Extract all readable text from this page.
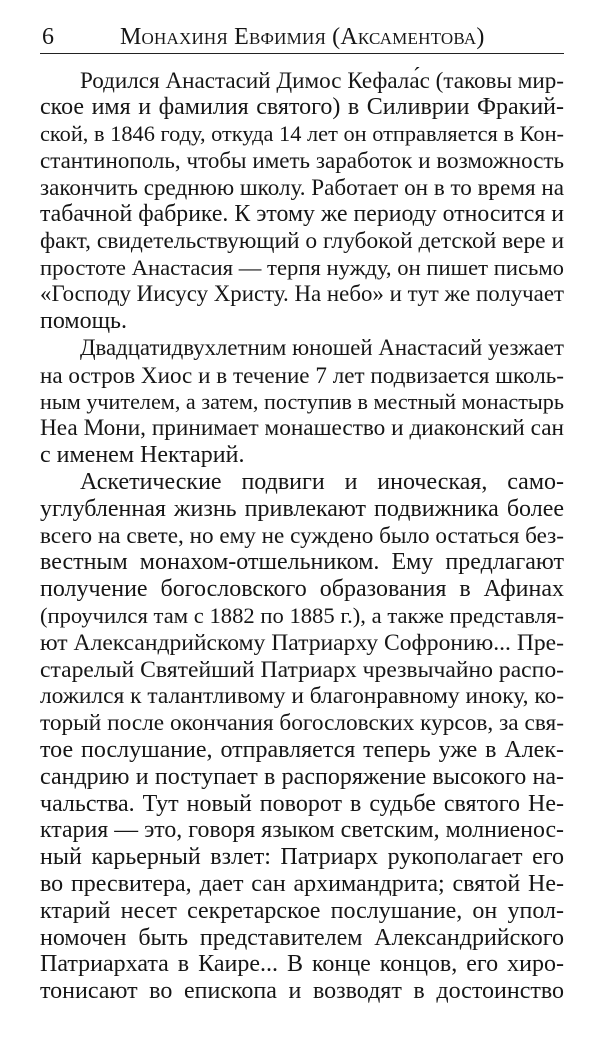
6	Монахиня Евфимия (Аксаментова)
Родился Анастасий Димос Кефала́с (таковы мир-
ское имя и фамилия святого) в Силиврии Фракий-
ской, в 1846 году, откуда 14 лет он отправляется в Кон-
стантинополь, чтобы иметь заработок и возможность
закончить среднюю школу. Работает он в то время на
табачной фабрике. К этому же периоду относится и
факт, свидетельствующий о глубокой детской вере и
простоте Анастасия — терпя нужду, он пишет письмо
«Господу Иисусу Христу. На небо» и тут же получает
помощь.
Двадцатидвухлетним юношей Анастасий уезжает
на остров Хиос и в течение 7 лет подвизается школь-
ным учителем, а затем, поступив в местный монастырь
Неа Мони, принимает монашество и диаконский сан
с именем Нектарий.
Аскетические подвиги и иноческая, само-
углубленная жизнь привлекают подвижника более
всего на свете, но ему не суждено было остаться без-
вестным монахом-отшельником. Ему предлагают
получение богословского образования в Афинах
(проучился там с 1882 по 1885 г.), а также представля-
ют Александрийскому Патриарху Софронию... Пре-
старелый Святейший Патриарх чрезвычайно распо-
ложился к талантливому и благонравному иноку, ко-
торый после окончания богословских курсов, за свя-
тое послушание, отправляется теперь уже в Алек-
сандрию и поступает в распоряжение высокого на-
чальства. Тут новый поворот в судьбе святого Не-
ктария — это, говоря языком светским, молниенос-
ный карьерный взлет: Патриарх рукополагает его
во пресвитера, дает сан архимандрита; святой Не-
ктарий несет секретарское послушание, он упол-
номочен быть представителем Александрийского
Патриархата в Каире... В конце концов, его хиро-
тонисают во епископа и возводят в достоинство
